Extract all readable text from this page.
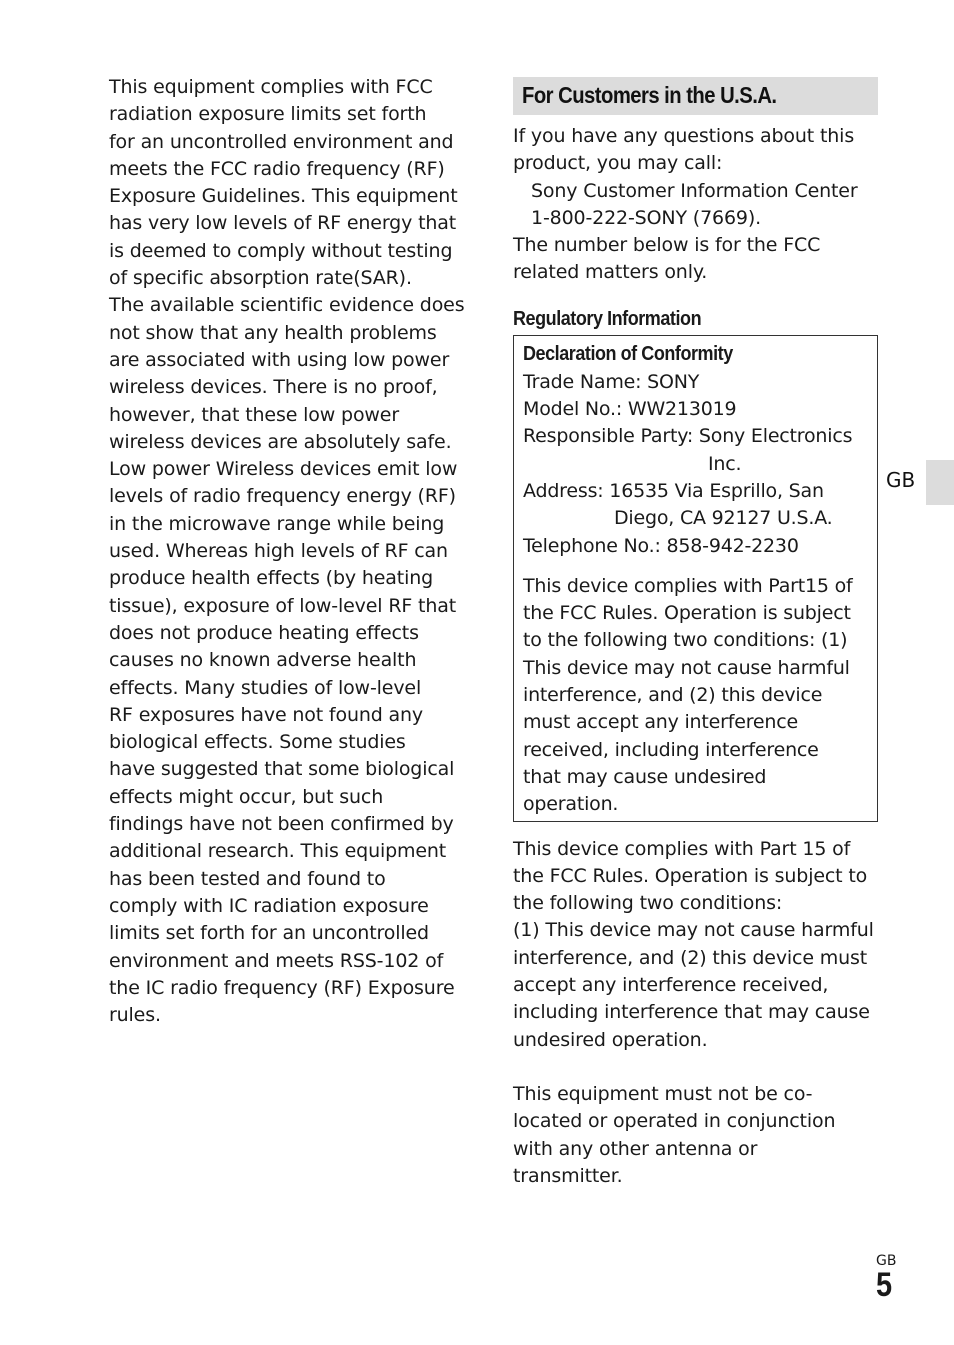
This equipment complies with FCC
radiation exposure limits set forth
for an uncontrolled environment and
meets the FCC radio frequency (RF)
Exposure Guidelines. This equipment
has very low levels of RF energy that
is deemed to comply without testing
of specific absorption rate(SAR).
The available scientific evidence does
not show that any health problems
are associated with using low power
wireless devices. There is no proof,
however, that these low power
wireless devices are absolutely safe.
Low power Wireless devices emit low
levels of radio frequency energy (RF)
in the microwave range while being
used. Whereas high levels of RF can
produce health effects (by heating
tissue), exposure of low-level RF that
does not produce heating effects
causes no known adverse health
effects. Many studies of low-level
RF exposures have not found any
biological effects. Some studies
have suggested that some biological
effects might occur, but such
findings have not been confirmed by
additional research. This equipment
has been tested and found to
comply with IC radiation exposure
limits set forth for an uncontrolled
environment and meets RSS-102 of
the IC radio frequency (RF) Exposure
rules.
For Customers in the U.S.A.
If you have any questions about this
product, you may call:
Sony Customer Information Center
1-800-222-SONY (7669).
The number below is for the FCC
related matters only.
Regulatory Information
Declaration of Conformity
Trade Name: SONY
Model No.: WW213019
Responsible Party: Sony Electronics
Inc.
Address: 16535 Via Esprillo, San
Diego, CA 92127 U.S.A.
Telephone No.: 858-942-2230
This device complies with Part15 of
the FCC Rules. Operation is subject
to the following two conditions: (1)
This device may not cause harmful
interference, and (2) this device
must accept any interference
received, including interference
that may cause undesired
operation.
This device complies with Part 15 of
the FCC Rules. Operation is subject to
the following two conditions:
(1) This device may not cause harmful
interference, and (2) this device must
accept any interference received,
including interference that may cause
undesired operation.
This equipment must not be co-
located or operated in conjunction
with any other antenna or
transmitter.
GB
GB
5
